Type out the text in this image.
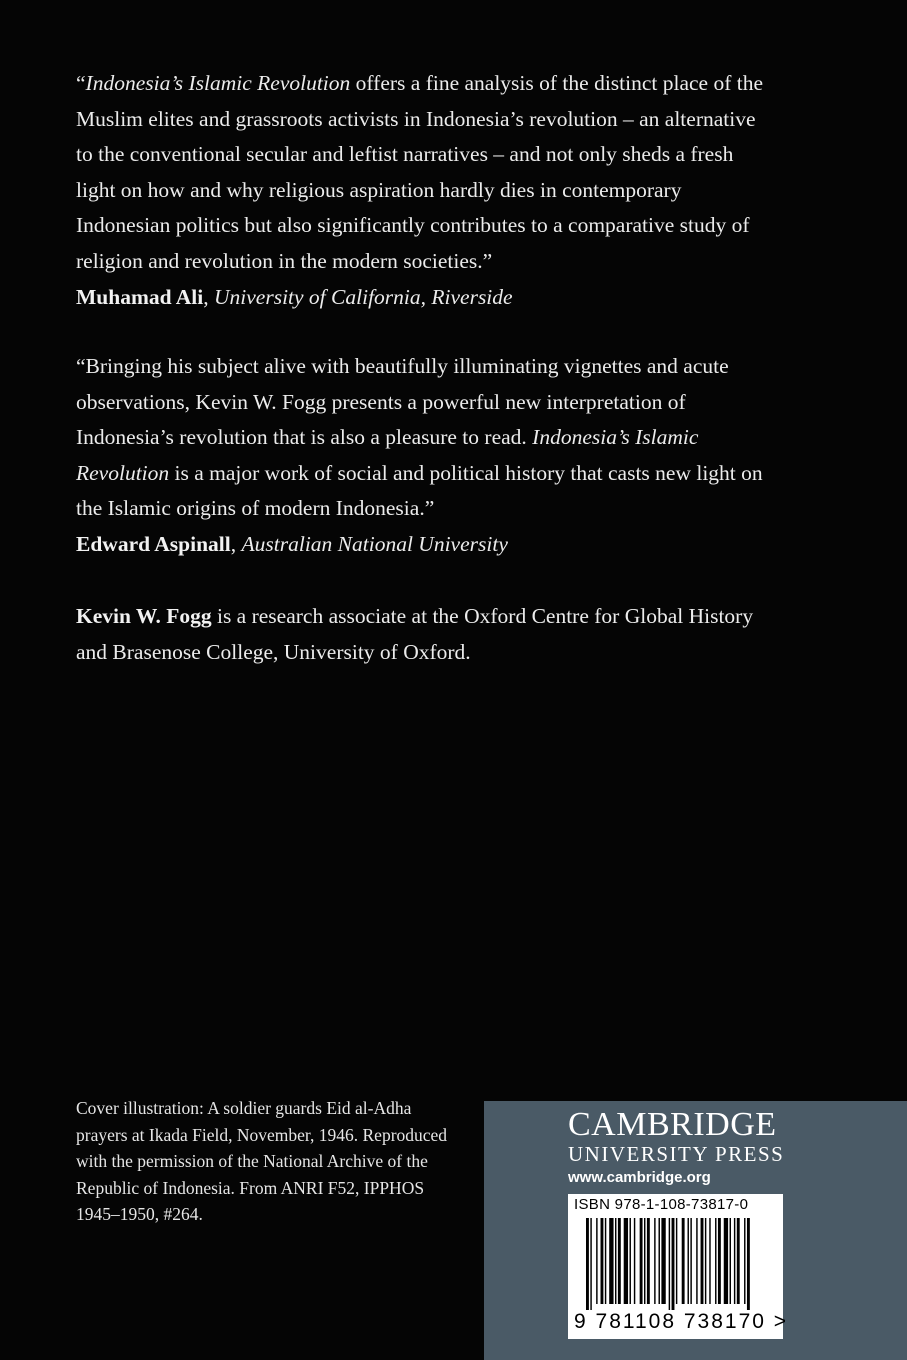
“Indonesia’s Islamic Revolution offers a fine analysis of the distinct place of the Muslim elites and grassroots activists in Indonesia’s revolution – an alternative to the conventional secular and leftist narratives – and not only sheds a fresh light on how and why religious aspiration hardly dies in contemporary Indonesian politics but also significantly contributes to a comparative study of religion and revolution in the modern societies.”

Muhamad Ali, University of California, Riverside

“Bringing his subject alive with beautifully illuminating vignettes and acute observations, Kevin W. Fogg presents a powerful new interpretation of Indonesia’s revolution that is also a pleasure to read. Indonesia’s Islamic Revolution is a major work of social and political history that casts new light on the Islamic origins of modern Indonesia.”

Edward Aspinall, Australian National University

Kevin W. Fogg is a research associate at the Oxford Centre for Global History and Brasenose College, University of Oxford.

Cover illustration: A soldier guards Eid al-Adha prayers at Ikada Field, November, 1946. Reproduced with the permission of the National Archive of the Republic of Indonesia. From ANRI F52, IPPHOS 1945–1950, #264.
CAMBRIDGE
UNIVERSITY PRESS
www.cambridge.org
ISBN 978-1-108-73817-0
9 781108 738170 >
